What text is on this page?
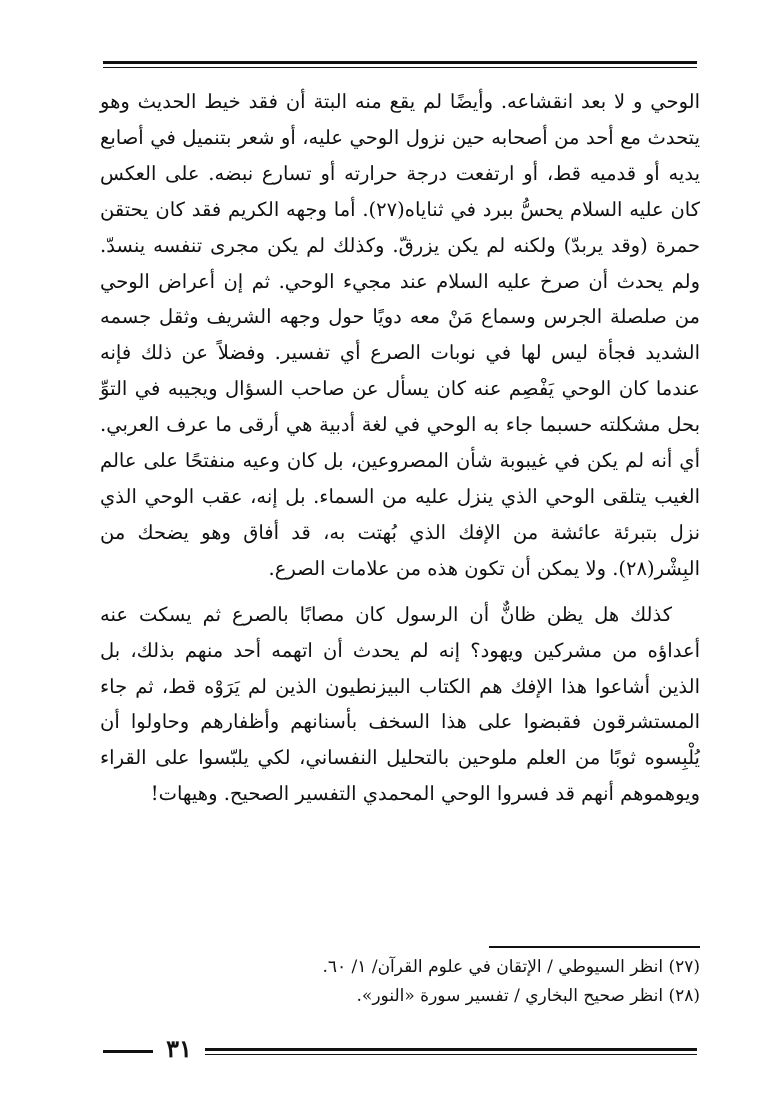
الوحي و لا بعد انقشاعه. وأيضًا لم يقع منه البتة أن فقد خيط الحديث وهو يتحدث مع أحد من أصحابه حين نزول الوحي عليه، أو شعر بتنميل في أصابع يديه أو قدميه قط، أو ارتفعت درجة حرارته أو تسارع نبضه. على العكس كان عليه السلام يحسُّ ببرد في ثناياه(٢٧). أما وجهه الكريم فقد كان يحتقن حمرة (وقد يربدّ) ولكنه لم يكن يزرقّ. وكذلك لم يكن مجرى تنفسه ينسدّ. ولم يحدث أن صرخ عليه السلام عند مجيء الوحي. ثم إن أعراض الوحي من صلصلة الجرس وسماع مَنْ معه دويًا حول وجهه الشريف وثقل جسمه الشديد فجأة ليس لها في نوبات الصرع أي تفسير. وفضلاً عن ذلك فإنه عندما كان الوحي يَفْصِم عنه كان يسأل عن صاحب السؤال ويجيبه في التوِّ بحل مشكلته حسبما جاء به الوحي في لغة أدبية هي أرقى ما عرف العربي. أي أنه لم يكن في غيبوبة شأن المصروعين، بل كان وعيه منفتحًا على عالم الغيب يتلقى الوحي الذي ينزل عليه من السماء. بل إنه، عقب الوحي الذي نزل بتبرئة عائشة من الإفك الذي بُهتت به، قد أفاق وهو يضحك من البِشْر(٢٨). ولا يمكن أن تكون هذه من علامات الصرع.

كذلك هل يظن ظانٌّ أن الرسول كان مصابًا بالصرع ثم يسكت عنه أعداؤه من مشركين ويهود؟ إنه لم يحدث أن اتهمه أحد منهم بذلك، بل الذين أشاعوا هذا الإفك هم الكتاب البيزنطيون الذين لم يَرَوْه قط، ثم جاء المستشرقون فقبضوا على هذا السخف بأسنانهم وأظفارهم وحاولوا أن يُلْبِسوه ثوبًا من العلم ملوحين بالتحليل النفساني، لكي يلبّسوا على القراء ويوهموهم أنهم قد فسروا الوحي المحمدي التفسير الصحيح. وهيهات!

(٢٧) انظر السيوطي / الإتقان في علوم القرآن/ ١/ ٦٠.

(٢٨) انظر صحيح البخاري / تفسير سورة «النور».

٣١
